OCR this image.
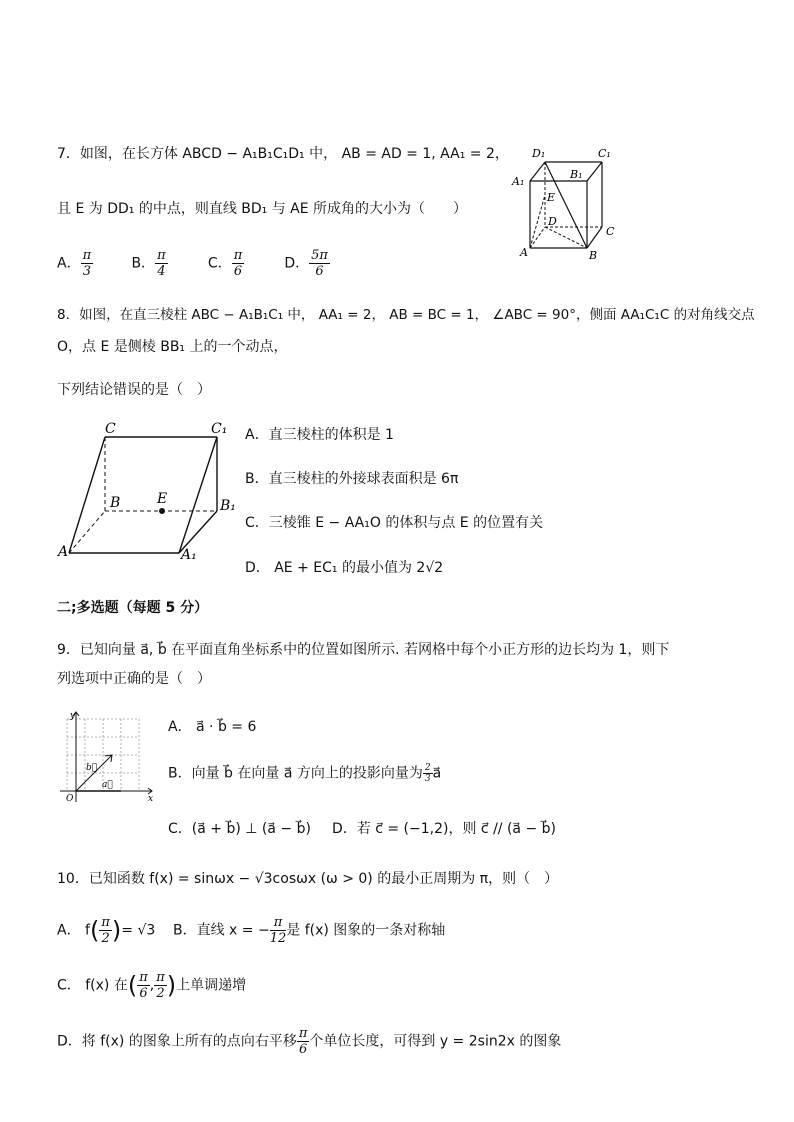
7．如图，在长方体 ABCD − A₁B₁C₁D₁ 中， AB = AD = 1, AA₁ = 2，
且 E 为 DD₁ 的中点，则直线 BD₁ 与 AE 所成角的大小为（　　）
A． $\frac{\pi}{3}$	B． $\frac{\pi}{4}$	C． $\frac{\pi}{6}$	D． $\frac{5\pi}{6}$
D₁	C₁
A₁
B₁
E
D
C
A	B
8．如图，在直三棱柱 ABC − A₁B₁C₁ 中， AA₁ = 2， AB = BC = 1， ∠ABC = 90°，侧面 AA₁C₁C 的对角线交点
O，点 E 是侧棱 BB₁ 上的一个动点，
下列结论错误的是（　）
C	C₁
B	E	B₁
A	A₁
A．直三棱柱的体积是 1
B．直三棱柱的外接球表面积是 6π
C．三棱锥 E − AA₁O 的体积与点 E 的位置有关
D． AE + EC₁ 的最小值为 2√2
二;多选题（每题 5 分）
9．已知向量 a⃗, b⃗ 在平面直角坐标系中的位置如图所示. 若网格中每个小正方形的边长均为 1，则下
列选项中正确的是（　）
y
x
O
b⃗
a⃗
A． a⃗ · b⃗ = 6
B．向量 b⃗ 在向量 a⃗ 方向上的投影向量为 $\frac{2}{3}$ a⃗
C．(a⃗ + b⃗) ⊥ (a⃗ − b⃗) D．若 c⃗ = (−1,2)，则 c⃗ // (a⃗ − b⃗)
10．已知函数 f(x) = sinωx − √3cosωx (ω > 0) 的最小正周期为 π，则（　）
A． $f( \frac{\pi}{2}$ )= √3 B．直线 x = − $\frac{\pi}{12}$ 是 f(x) 图象的一条对称轴
C． f(x) 在( $\frac{\pi}{6}$ , $\frac{\pi}{2}$ )上单调递增
D．将 f(x) 的图象上所有的点向右平移 $\frac{\pi}{6}$ 个单位长度，可得到 y = 2sin2x 的图象
